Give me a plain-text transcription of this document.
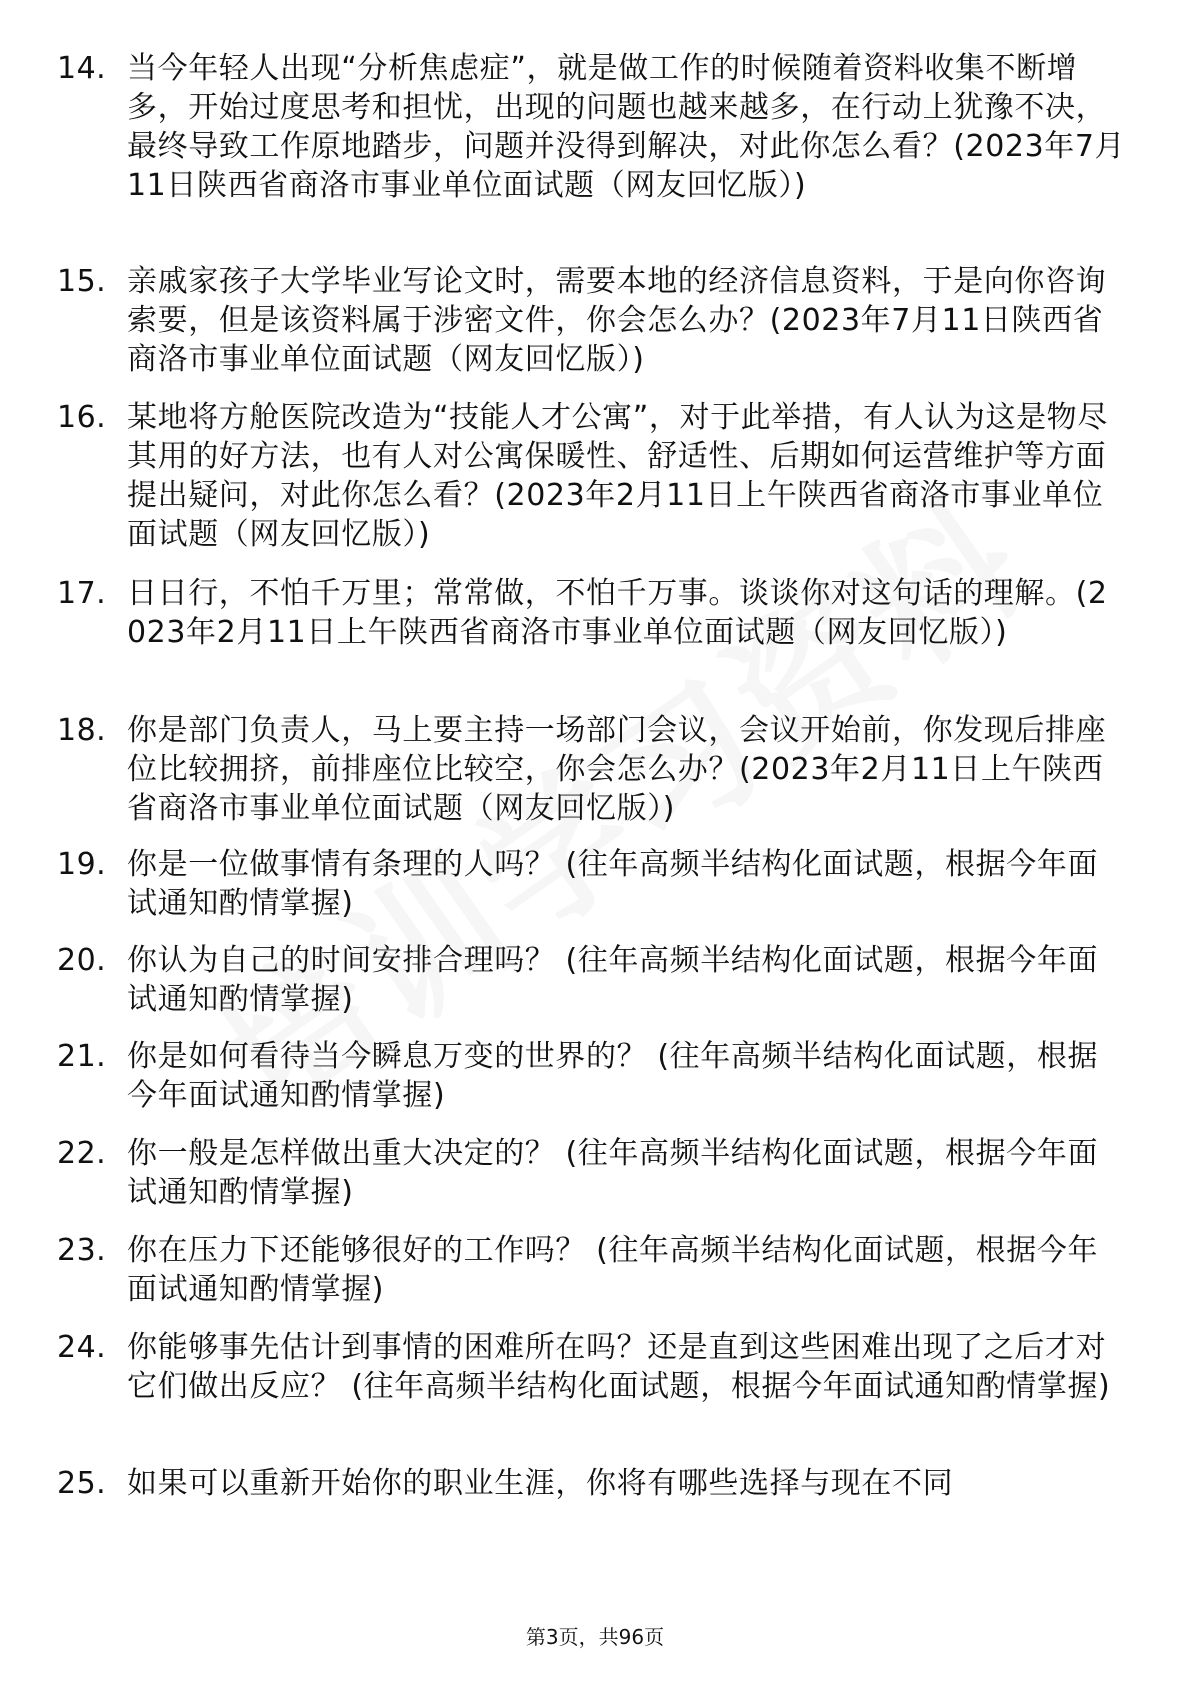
14. 当今年轻人出现“分析焦虑症”，就是做工作的时候随着资料收集不断增多，开始过度思考和担忧，出现的问题也越来越多，在行动上犹豫不决，最终导致工作原地踏步，问题并没得到解决，对此你怎么看？(2023年7月11日陕西省商洛市事业单位面试题（网友回忆版）)
15. 亲戚家孩子大学毕业写论文时，需要本地的经济信息资料，于是向你咨询索要，但是该资料属于涉密文件，你会怎么办？(2023年7月11日陕西省商洛市事业单位面试题（网友回忆版）)
16. 某地将方舱医院改造为“技能人才公寓”，对于此举措，有人认为这是物尽其用的好方法，也有人对公寓保暖性、舒适性、后期如何运营维护等方面提出疑问，对此你怎么看？(2023年2月11日上午陕西省商洛市事业单位面试题（网友回忆版）)
17. 日日行，不怕千万里；常常做，不怕千万事。谈谈你对这句话的理解。(2023年2月11日上午陕西省商洛市事业单位面试题（网友回忆版）)
18. 你是部门负责人，马上要主持一场部门会议，会议开始前，你发现后排座位比较拥挤，前排座位比较空，你会怎么办？(2023年2月11日上午陕西省商洛市事业单位面试题（网友回忆版）)
19. 你是一位做事情有条理的人吗？ (往年高频半结构化面试题，根据今年面试通知酌情掌握)
20. 你认为自己的时间安排合理吗？ (往年高频半结构化面试题，根据今年面试通知酌情掌握)
21. 你是如何看待当今瞬息万变的世界的？ (往年高频半结构化面试题，根据今年面试通知酌情掌握)
22. 你一般是怎样做出重大决定的？ (往年高频半结构化面试题，根据今年面试通知酌情掌握)
23. 你在压力下还能够很好的工作吗？ (往年高频半结构化面试题，根据今年面试通知酌情掌握)
24. 你能够事先估计到事情的困难所在吗？还是直到这些困难出现了之后才对它们做出反应？ (往年高频半结构化面试题，根据今年面试通知酌情掌握)
25. 如果可以重新开始你的职业生涯，你将有哪些选择与现在不同
第3页，共96页
